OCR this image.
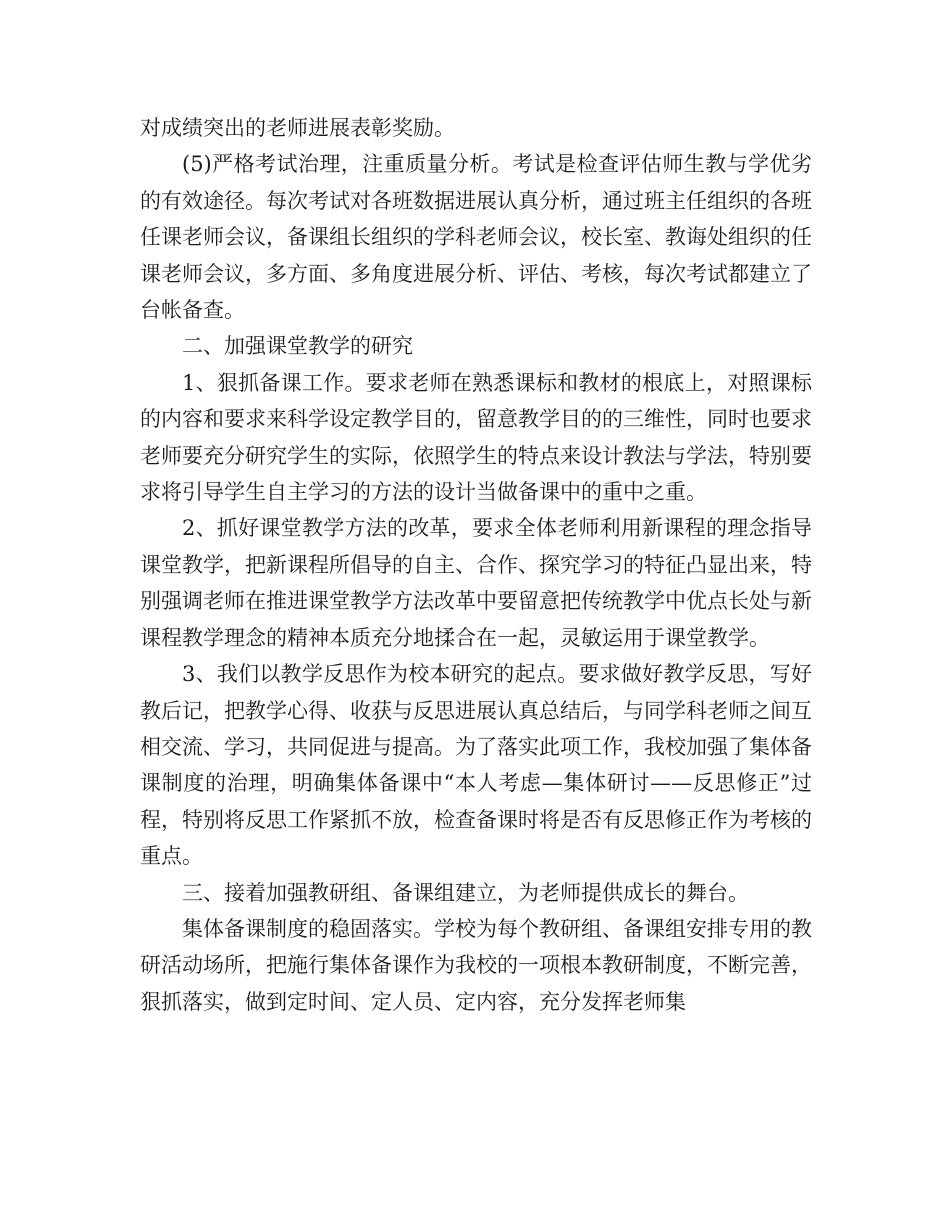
对成绩突出的老师进展表彰奖励。

(5)严格考试治理，注重质量分析。考试是检查评估师生教与学优劣的有效途径。每次考试对各班数据进展认真分析，通过班主任组织的各班任课老师会议，备课组长组织的学科老师会议，校长室、教诲处组织的任课老师会议，多方面、多角度进展分析、评估、考核，每次考试都建立了台帐备查。

二、加强课堂教学的研究

1、狠抓备课工作。要求老师在熟悉课标和教材的根底上，对照课标的内容和要求来科学设定教学目的，留意教学目的的三维性，同时也要求老师要充分研究学生的实际，依照学生的特点来设计教法与学法，特别要求将引导学生自主学习的方法的设计当做备课中的重中之重。

2、抓好课堂教学方法的改革，要求全体老师利用新课程的理念指导课堂教学，把新课程所倡导的自主、合作、探究学习的特征凸显出来，特别强调老师在推进课堂教学方法改革中要留意把传统教学中优点长处与新课程教学理念的精神本质充分地揉合在一起，灵敏运用于课堂教学。

3、我们以教学反思作为校本研究的起点。要求做好教学反思，写好教后记，把教学心得、收获与反思进展认真总结后，与同学科老师之间互相交流、学习，共同促进与提高。为了落实此项工作，我校加强了集体备课制度的治理，明确集体备课中“本人考虑—集体研讨——反思修正”过程，特别将反思工作紧抓不放，检查备课时将是否有反思修正作为考核的重点。

三、接着加强教研组、备课组建立，为老师提供成长的舞台。

集体备课制度的稳固落实。学校为每个教研组、备课组安排专用的教研活动场所，把施行集体备课作为我校的一项根本教研制度，不断完善，狠抓落实，做到定时间、定人员、定内容，充分发挥老师集
